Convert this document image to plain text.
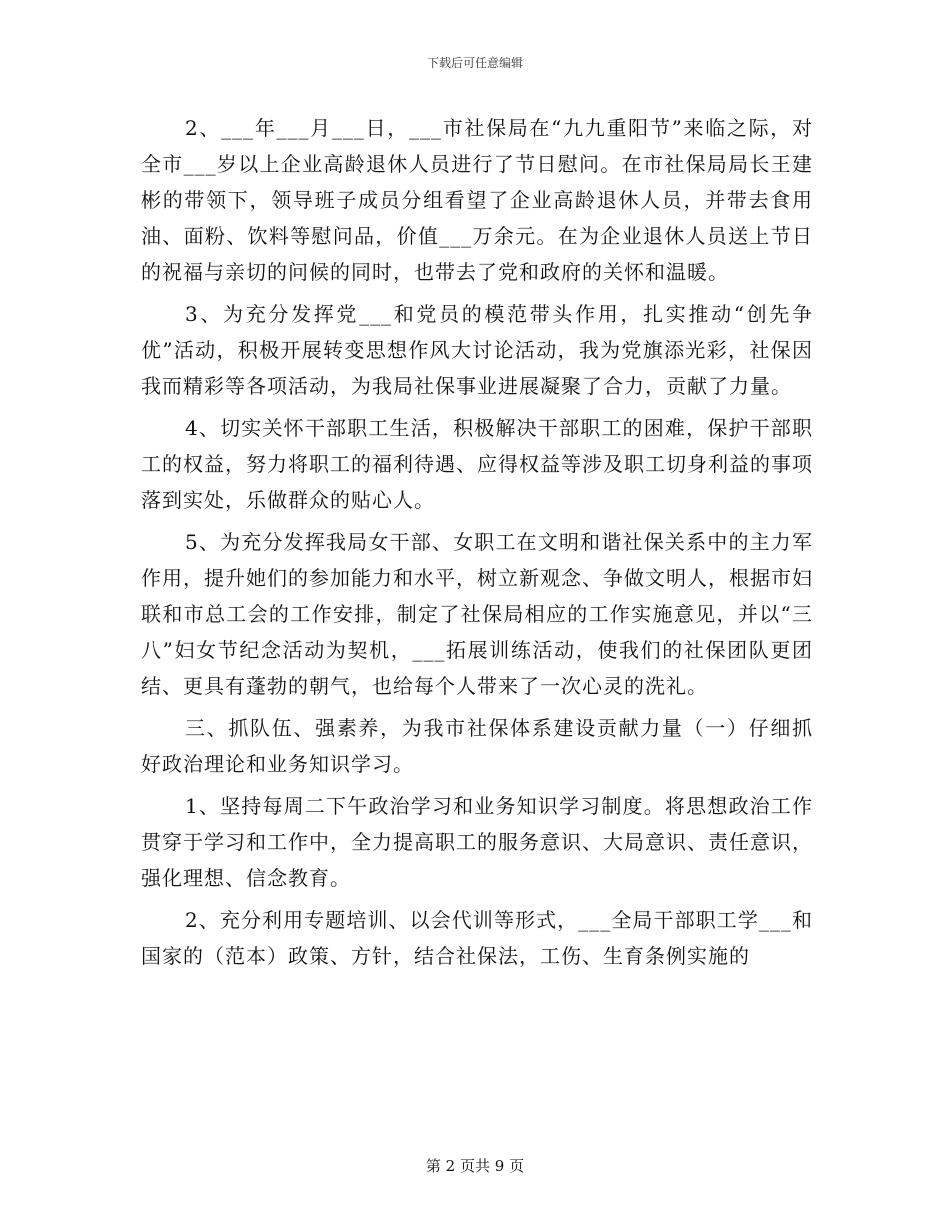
下载后可任意编辑

2、___年___月___日，___市社保局在“九九重阳节”来临之际，对全市___岁以上企业高龄退休人员进行了节日慰问。在市社保局局长王建彬的带领下，领导班子成员分组看望了企业高龄退休人员，并带去食用油、面粉、饮料等慰问品，价值___万余元。在为企业退休人员送上节日的祝福与亲切的问候的同时，也带去了党和政府的关怀和温暖。

3、为充分发挥党___和党员的模范带头作用，扎实推动“创先争优”活动，积极开展转变思想作风大讨论活动，我为党旗添光彩，社保因我而精彩等各项活动，为我局社保事业进展凝聚了合力，贡献了力量。

4、切实关怀干部职工生活，积极解决干部职工的困难，保护干部职工的权益，努力将职工的福利待遇、应得权益等涉及职工切身利益的事项落到实处，乐做群众的贴心人。

5、为充分发挥我局女干部、女职工在文明和谐社保关系中的主力军作用，提升她们的参加能力和水平，树立新观念、争做文明人，根据市妇联和市总工会的工作安排，制定了社保局相应的工作实施意见，并以“三八”妇女节纪念活动为契机，___拓展训练活动，使我们的社保团队更团结、更具有蓬勃的朝气，也给每个人带来了一次心灵的洗礼。

三、抓队伍、强素养，为我市社保体系建设贡献力量（一）仔细抓好政治理论和业务知识学习。

1、坚持每周二下午政治学习和业务知识学习制度。将思想政治工作贯穿于学习和工作中，全力提高职工的服务意识、大局意识、责任意识，强化理想、信念教育。

2、充分利用专题培训、以会代训等形式，___全局干部职工学___和国家的（范本）政策、方针，结合社保法，工伤、生育条例实施的

第 2 页共 9 页
